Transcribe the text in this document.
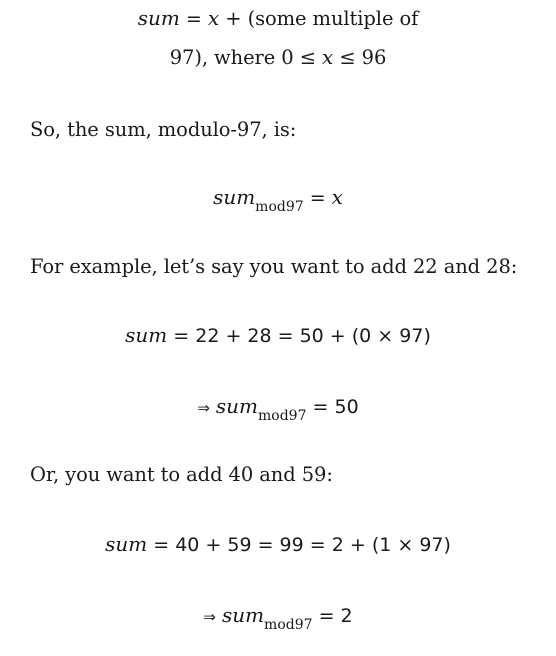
sum = x + (some multiple of
97), where 0 ≤ x ≤ 96
So, the sum, modulo-97, is:
sum$_{mod97}$ = x
For example, let’s say you want to add 22 and 28:
sum = 22 + 28 = 50 + (0 × 97)
⇒ sum$_{mod97}$ = 50
Or, you want to add 40 and 59:
sum = 40 + 59 = 99 = 2 + (1 × 97)
⇒ sum$_{mod97}$ = 2
